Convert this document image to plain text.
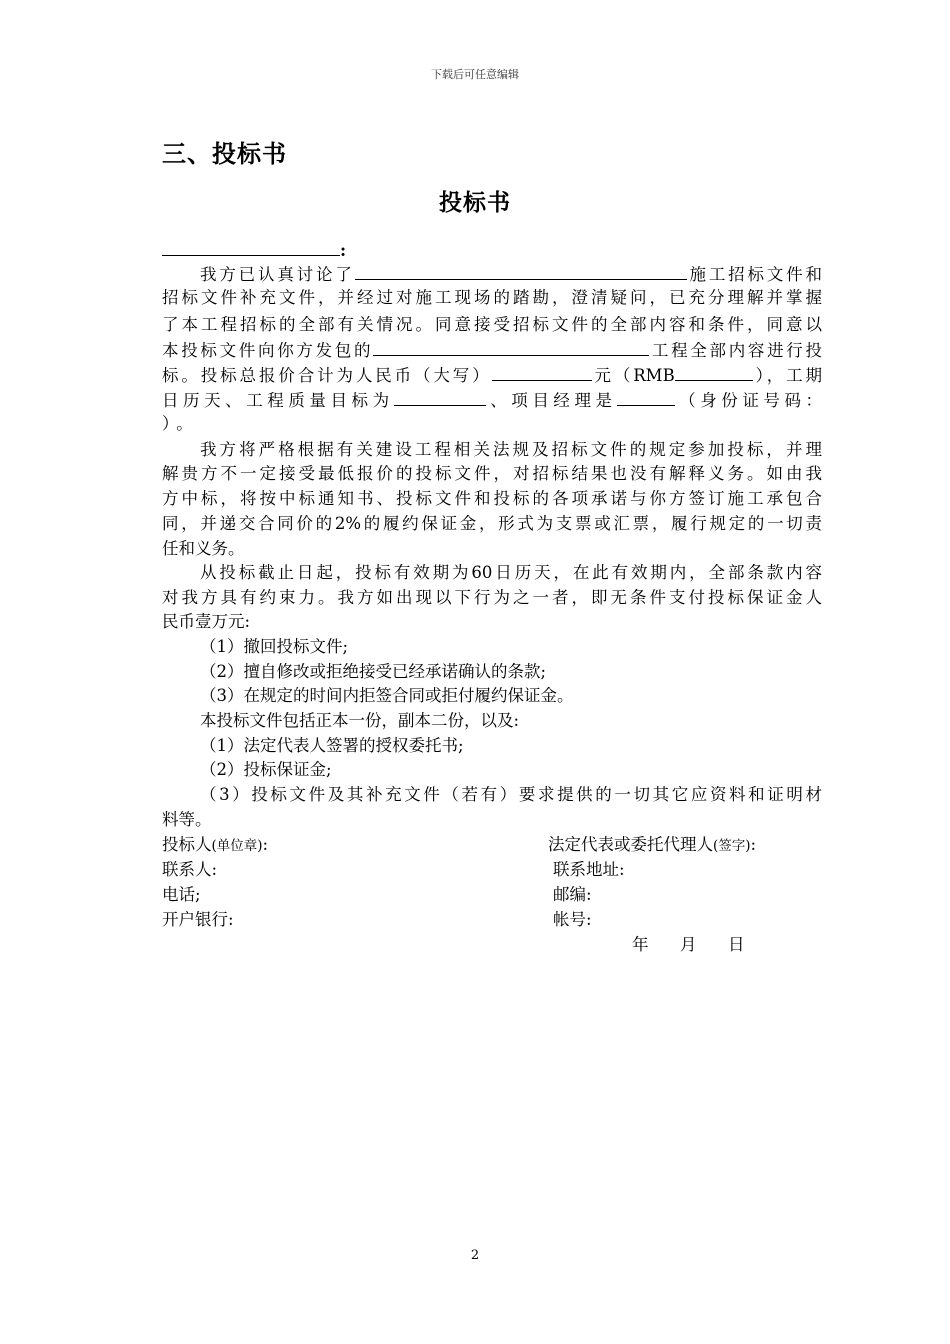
下载后可任意编辑
三、投标书
投标书
:
我方已认真讨论了	施工招标文件和
招标文件补充文件，并经过对施工现场的踏勘，澄清疑问，已充分理解并掌握
了本工程招标的全部有关情况。同意接受招标文件的全部内容和条件，同意以
本投标文件向你方发包的	工程全部内容进行投
标。投标总报价合计为人民币（大写）	元（RMB	），工期
日历天、工程质量目标为	、项目经理是	（身份证号码：
）。
我方将严格根据有关建设工程相关法规及招标文件的规定参加投标，并理
解贵方不一定接受最低报价的投标文件，对招标结果也没有解释义务。如由我
方中标，将按中标通知书、投标文件和投标的各项承诺与你方签订施工承包合
同，并递交合同价的2%的履约保证金，形式为支票或汇票，履行规定的一切责
任和义务。
从投标截止日起，投标有效期为60日历天，在此有效期内，全部条款内容
对我方具有约束力。我方如出现以下行为之一者，即无条件支付投标保证金人
民币壹万元:
（1）撤回投标文件;
（2）擅自修改或拒绝接受已经承诺确认的条款;
（3）在规定的时间内拒签合同或拒付履约保证金。
本投标文件包括正本一份，副本二份，以及:
（1）法定代表人签署的授权委托书;
（2）投标保证金;
（3）投标文件及其补充文件（若有）要求提供的一切其它应资料和证明材
料等。
投标人(单位章):	法定代表或委托代理人(签字):
联系人:	联系地址:
电话;	邮编:
开户银行:	帐号:
年	月	日
2
